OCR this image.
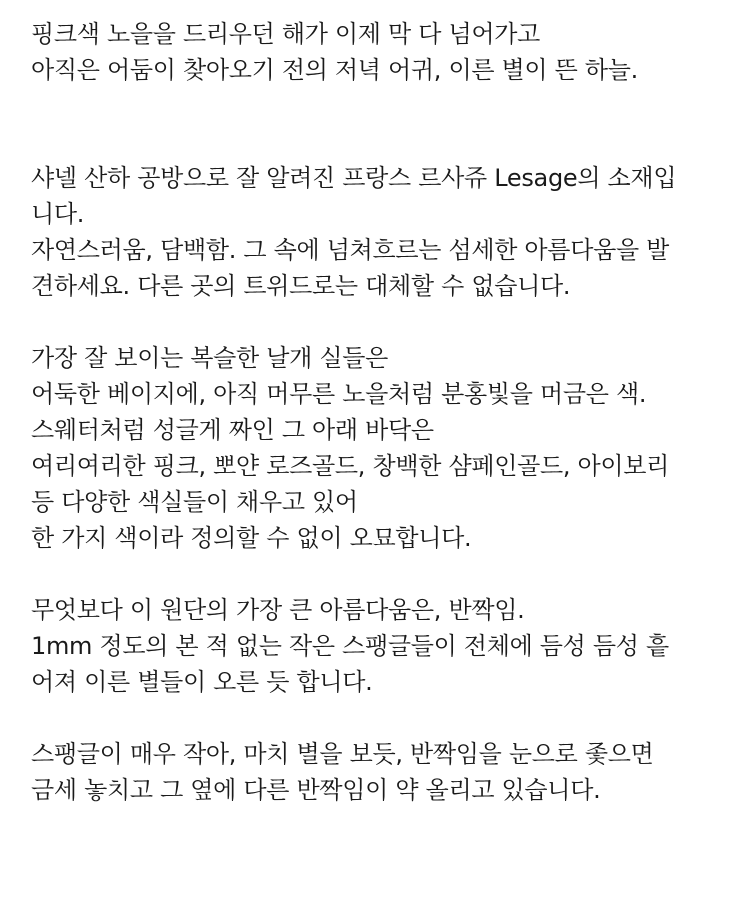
핑크색 노을을 드리우던 해가 이제 막 다 넘어가고
아직은 어둠이 찾아오기 전의 저녁 어귀, 이른 별이 뜬 하늘.
샤넬 산하 공방으로 잘 알려진 프랑스 르사쥬 Lesage의 소재입
니다.
자연스러움, 담백함. 그 속에 넘쳐흐르는 섬세한 아름다움을 발
견하세요. 다른 곳의 트위드로는 대체할 수 없습니다.
가장 잘 보이는 복슬한 날개 실들은
어둑한 베이지에, 아직 머무른 노을처럼 분홍빛을 머금은 색.
스웨터처럼 성글게 짜인 그 아래 바닥은
여리여리한 핑크, 뽀얀 로즈골드, 창백한 샴페인골드, 아이보리
등 다양한 색실들이 채우고 있어
한 가지 색이라 정의할 수 없이 오묘합니다.
무엇보다 이 원단의 가장 큰 아름다움은, 반짝임.
1mm 정도의 본 적 없는 작은 스팽글들이 전체에 듬성 듬성 흩
어져 이른 별들이 오른 듯 합니다.
스팽글이 매우 작아, 마치 별을 보듯, 반짝임을 눈으로 좇으면
금세 놓치고 그 옆에 다른 반짝임이 약 올리고 있습니다.
